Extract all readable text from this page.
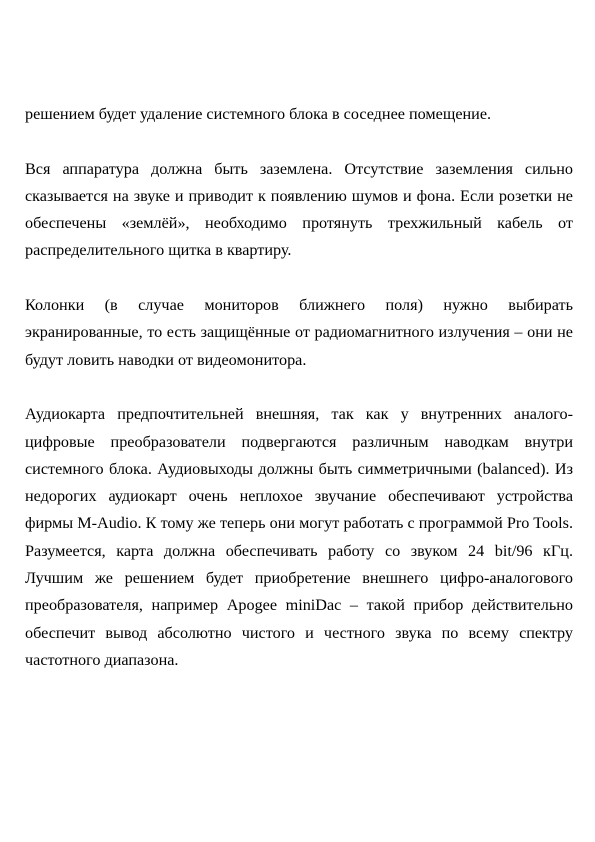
решением будет удаление системного блока в соседнее помещение.

Вся аппаратура должна быть заземлена. Отсутствие заземления сильно сказывается на звуке и приводит к появлению шумов и фона. Если розетки не обеспечены «землёй», необходимо протянуть трехжильный кабель от распределительного щитка в квартиру.

Колонки (в случае мониторов ближнего поля) нужно выбирать экранированные, то есть защищённые от радиомагнитного излучения – они не будут ловить наводки от видеомонитора.

Аудиокарта предпочтительней внешняя, так как у внутренних аналого-цифровые преобразователи подвергаются различным наводкам внутри системного блока. Аудиовыходы должны быть симметричными (balanced). Из недорогих аудиокарт очень неплохое звучание обеспечивают устройства фирмы M-Audio. К тому же теперь они могут работать с программой Pro Tools. Разумеется, карта должна обеспечивать работу со звуком 24 bit/96 кГц. Лучшим же решением будет приобретение внешнего цифро-аналогового преобразователя, например Apogee miniDac – такой прибор действительно обеспечит вывод абсолютно чистого и честного звука по всему спектру частотного диапазона.
